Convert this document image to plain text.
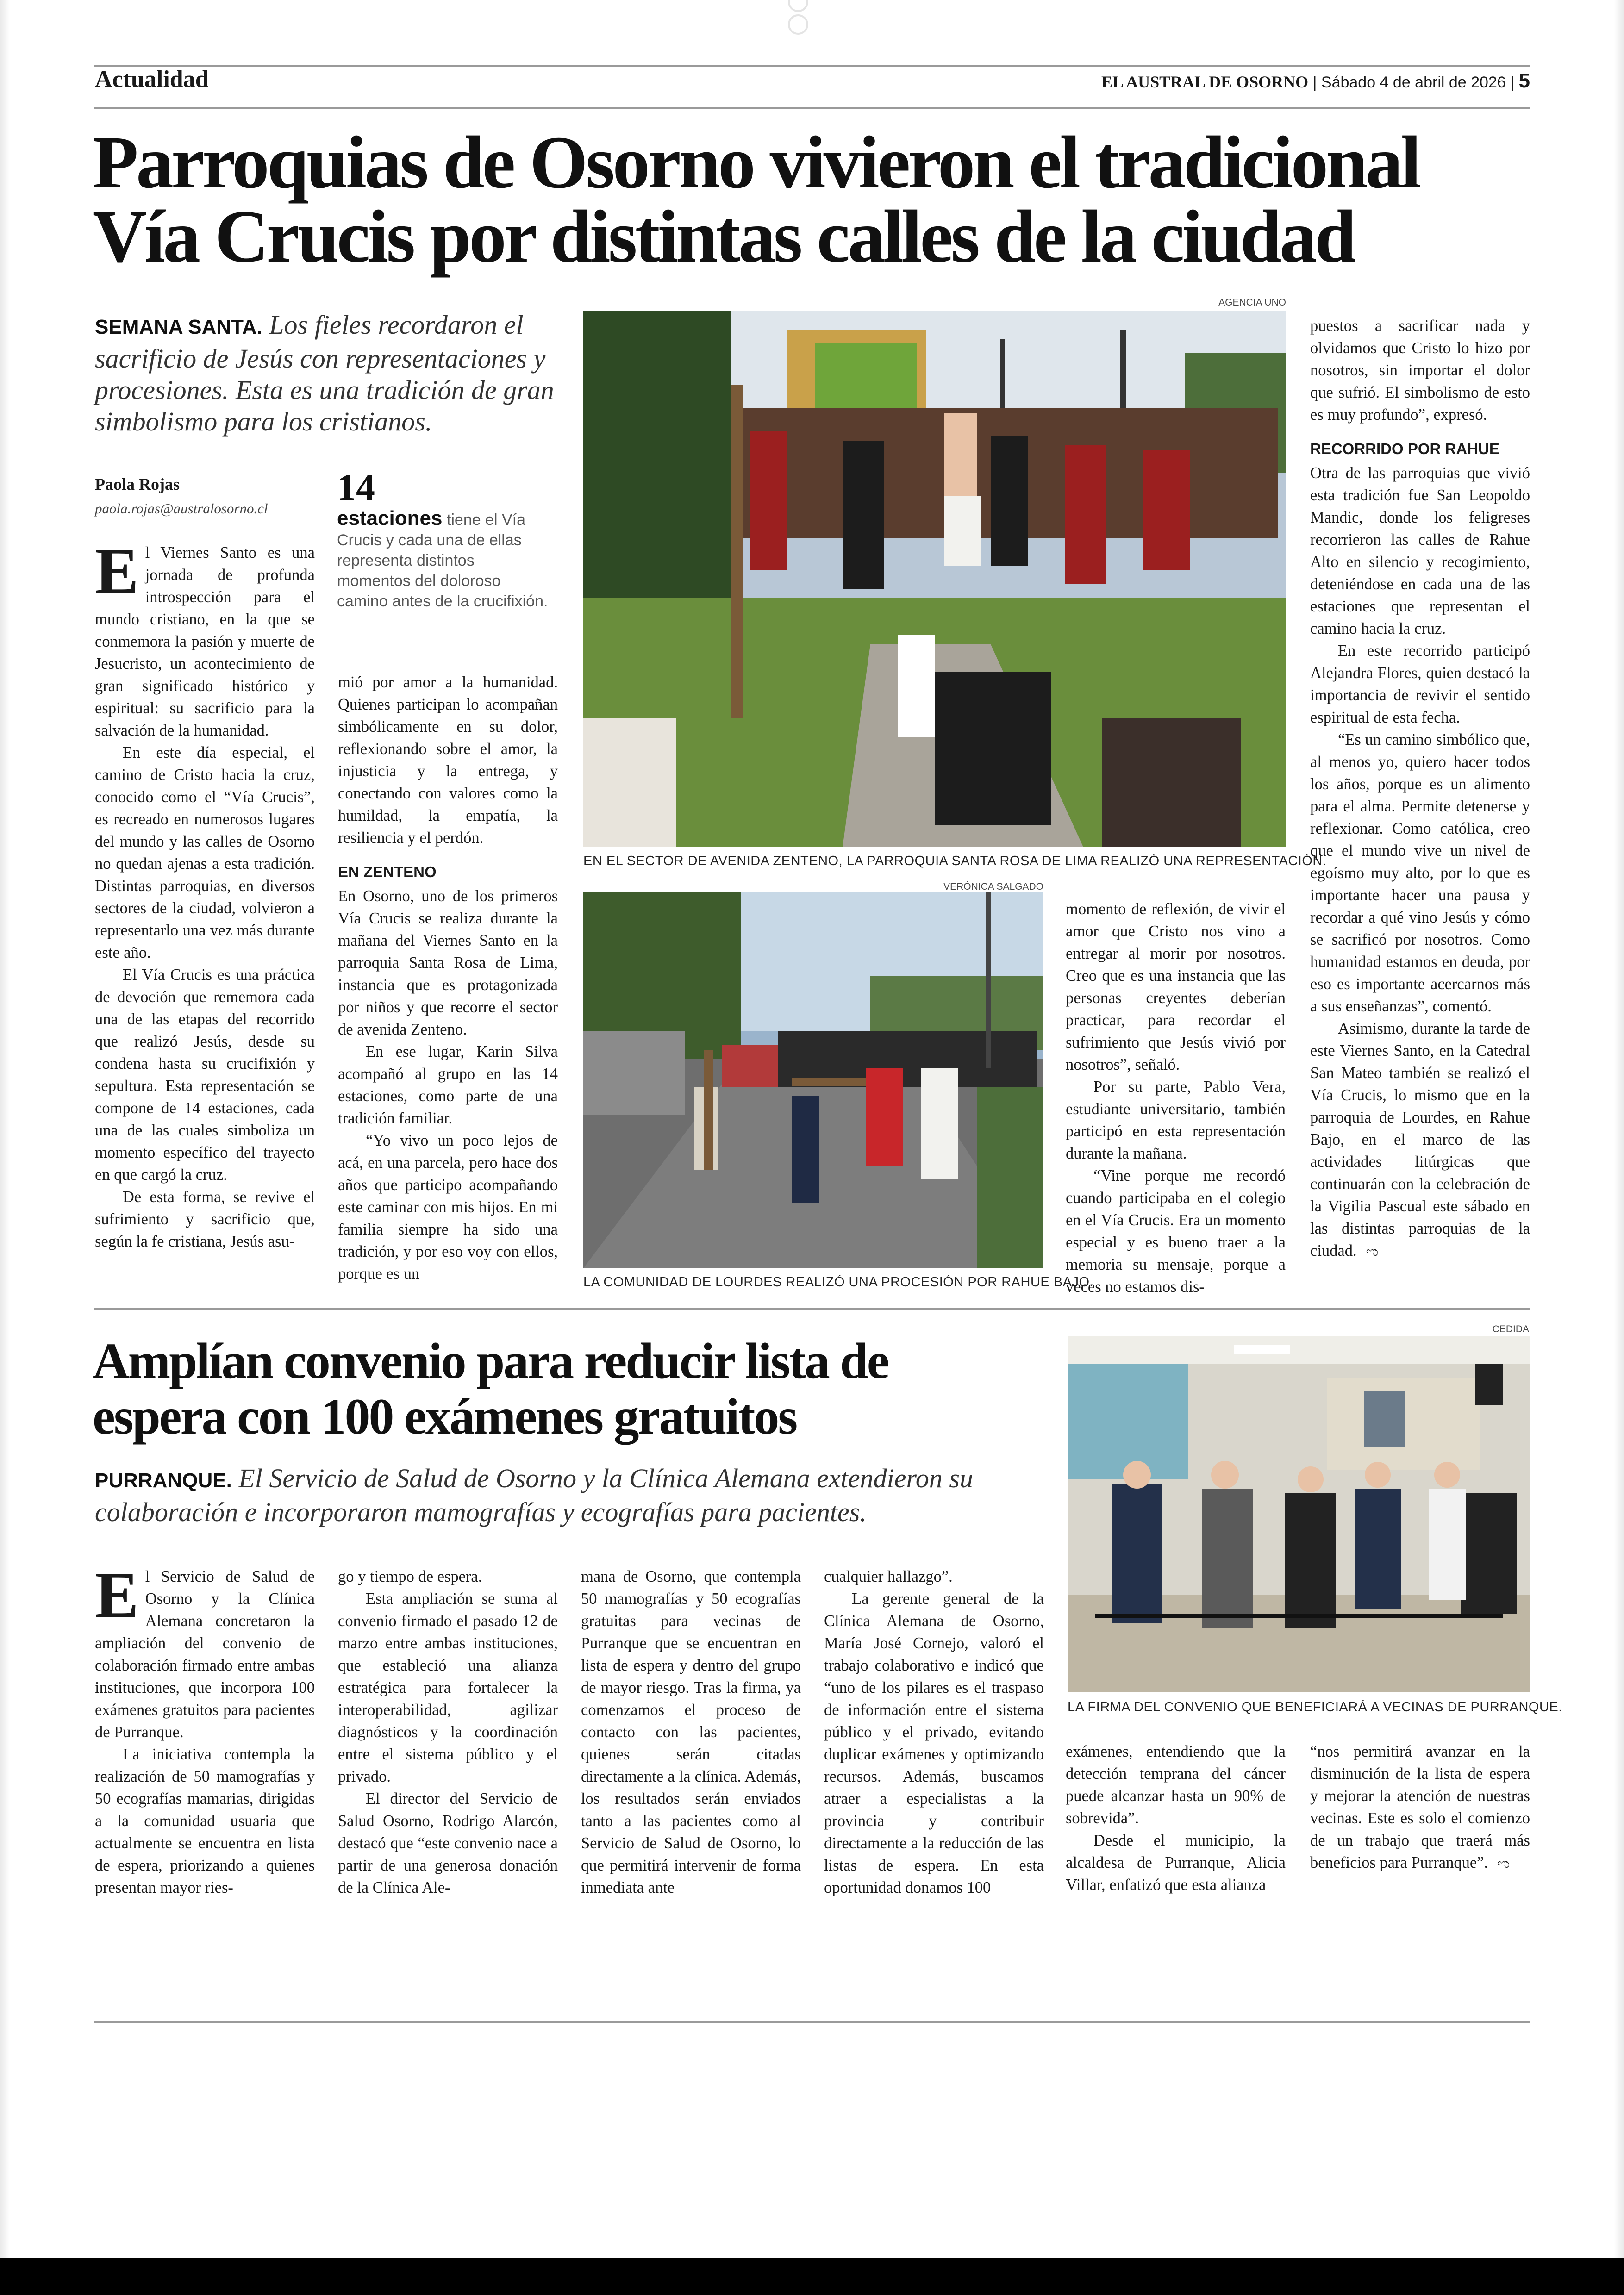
Actualidad	EL AUSTRAL DE OSORNO | Sábado 4 de abril de 2026 | 5
Parroquias de Osorno vivieron el tradicional
Vía Crucis por distintas calles de la ciudad
SEMANA SANTA. Los fieles recordaron el sacrificio de Jesús con representaciones y procesiones. Esta es una tradición de gran simbolismo para los cristianos.
Paola Rojas
paola.rojas@australosorno.cl
14
estaciones tiene el Vía Crucis y cada una de ellas representa distintos momentos del doloroso camino antes de la crucifixión.

El Viernes Santo es una jornada de profunda introspección para el mundo cristiano, en la que se conmemora la pasión y muerte de Jesucristo, un acontecimiento de gran significado histórico y espiritual: su sacrificio para la salvación de la humanidad.

En este día especial, el camino de Cristo hacia la cruz, conocido como el “Vía Crucis”, es recreado en numerosos lugares del mundo y las calles de Osorno no quedan ajenas a esta tradición. Distintas parroquias, en diversos sectores de la ciudad, volvieron a representarlo una vez más durante este año.

El Vía Crucis es una práctica de devoción que rememora cada una de las etapas del recorrido que realizó Jesús, desde su condena hasta su crucifixión y sepultura. Esta representación se compone de 14 estaciones, cada una de las cuales simboliza un momento específico del trayecto en que cargó la cruz.

De esta forma, se revive el sufrimiento y sacrificio que, según la fe cristiana, Jesús asu-

mió por amor a la humanidad. Quienes participan lo acompañan simbólicamente en su dolor, reflexionando sobre el amor, la injusticia y la entrega, y conectando con valores como la humildad, la empatía, la resiliencia y el perdón.

EN ZENTENO

En Osorno, uno de los primeros Vía Crucis se realiza durante la mañana del Viernes Santo en la parroquia Santa Rosa de Lima, instancia que es protagonizada por niños y que recorre el sector de avenida Zenteno.

En ese lugar, Karin Silva acompañó al grupo en las 14 estaciones, como parte de una tradición familiar.

“Yo vivo un poco lejos de acá, en una parcela, pero hace dos años que participo acompañando este caminar con mis hijos. En mi familia siempre ha sido una tradición, y por eso voy con ellos, porque es un

AGENCIA UNO
EN EL SECTOR DE AVENIDA ZENTENO, LA PARROQUIA SANTA ROSA DE LIMA REALIZÓ UNA REPRESENTACIÓN.
VERÓNICA SALGADO
LA COMUNIDAD DE LOURDES REALIZÓ UNA PROCESIÓN POR RAHUE BAJO.

momento de reflexión, de vivir el amor que Cristo nos vino a entregar al morir por nosotros. Creo que es una instancia que las personas creyentes deberían practicar, para recordar el sufrimiento que Jesús vivió por nosotros”, señaló.

Por su parte, Pablo Vera, estudiante universitario, también participó en esta representación durante la mañana.

“Vine porque me recordó cuando participaba en el colegio en el Vía Crucis. Era un momento especial y es bueno traer a la memoria su mensaje, porque a veces no estamos dis-

puestos a sacrificar nada y olvidamos que Cristo lo hizo por nosotros, sin importar el dolor que sufrió. El simbolismo de esto es muy profundo”, expresó.

RECORRIDO POR RAHUE

Otra de las parroquias que vivió esta tradición fue San Leopoldo Mandic, donde los feligreses recorrieron las calles de Rahue Alto en silencio y recogimiento, deteniéndose en cada una de las estaciones que representan el camino hacia la cruz.

En este recorrido participó Alejandra Flores, quien destacó la importancia de revivir el sentido espiritual de esta fecha.

“Es un camino simbólico que, al menos yo, quiero hacer todos los años, porque es un alimento para el alma. Permite detenerse y reflexionar. Como católica, creo que el mundo vive un nivel de egoísmo muy alto, por lo que es importante hacer una pausa y recordar a qué vino Jesús y cómo se sacrificó por nosotros. Como humanidad estamos en deuda, por eso es importante acercarnos más a sus enseñanzas”, comentó.

Asimismo, durante la tarde de este Viernes Santo, en la Catedral San Mateo también se realizó el Vía Crucis, lo mismo que en la parroquia de Lourdes, en Rahue Bajo, en el marco de las actividades litúrgicas que continuarán con la celebración de la Vigilia Pascual este sábado en las distintas parroquias de la ciudad. ಌ

Amplían convenio para reducir lista de
espera con 100 exámenes gratuitos
PURRANQUE. El Servicio de Salud de Osorno y la Clínica Alemana extendieron su colaboración e incorporaron mamografías y ecografías para pacientes.

El Servicio de Salud de Osorno y la Clínica Alemana concretaron la ampliación del convenio de colaboración firmado entre ambas instituciones, que incorpora 100 exámenes gratuitos para pacientes de Purranque.

La iniciativa contempla la realización de 50 mamografías y 50 ecografías mamarias, dirigidas a la comunidad usuaria que actualmente se encuentra en lista de espera, priorizando a quienes presentan mayor ries-

go y tiempo de espera.

Esta ampliación se suma al convenio firmado el pasado 12 de marzo entre ambas instituciones, que estableció una alianza estratégica para fortalecer la interoperabilidad, agilizar diagnósticos y la coordinación entre el sistema público y el privado.

El director del Servicio de Salud Osorno, Rodrigo Alarcón, destacó que “este convenio nace a partir de una generosa donación de la Clínica Ale-

mana de Osorno, que contempla 50 mamografías y 50 ecografías gratuitas para vecinas de Purranque que se encuentran en lista de espera y dentro del grupo de mayor riesgo. Tras la firma, ya comenzamos el proceso de contacto con las pacientes, quienes serán citadas directamente a la clínica. Además, los resultados serán enviados tanto a las pacientes como al Servicio de Salud de Osorno, lo que permitirá intervenir de forma inmediata ante

cualquier hallazgo”.

La gerente general de la Clínica Alemana de Osorno, María José Cornejo, valoró el trabajo colaborativo e indicó que “uno de los pilares es el traspaso de información entre el sistema público y el privado, evitando duplicar exámenes y optimizando recursos. Además, buscamos atraer a especialistas a la provincia y contribuir directamente a la reducción de las listas de espera. En esta oportunidad donamos 100

CEDIDA
LA FIRMA DEL CONVENIO QUE BENEFICIARÁ A VECINAS DE PURRANQUE.

exámenes, entendiendo que la detección temprana del cáncer puede alcanzar hasta un 90% de sobrevida”.

Desde el municipio, la alcaldesa de Purranque, Alicia Villar, enfatizó que esta alianza

“nos permitirá avanzar en la disminución de la lista de espera y mejorar la atención de nuestras vecinas. Este es solo el comienzo de un trabajo que traerá más beneficios para Purranque”. ಌ
